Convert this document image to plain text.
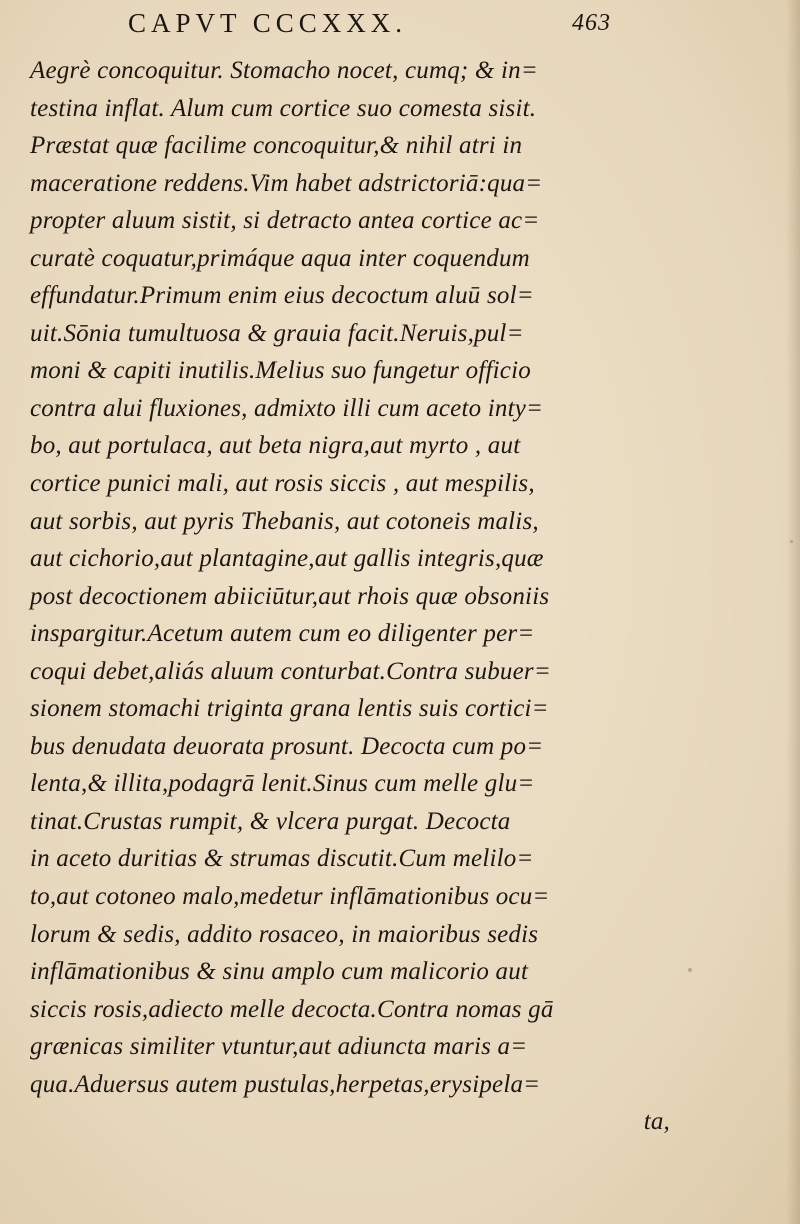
CAPVT CCCXXX.	463
Aegrè concoquitur. Stomacho nocet, cumq; & in=
testina inflat. Alum cum cortice suo comesta sisit.
Præstat quæ facilime concoquitur,& nihil atri in
maceratione reddens.Vim habet adstrictoriā:qua=
propter aluum sistit, si detracto antea cortice ac=
curatè coquatur,primáque aqua inter coquendum
effundatur.Primum enim eius decoctum aluū sol=
uit.Sōnia tumultuosa & grauia facit.Neruis,pul=
moni & capiti inutilis.Melius suo fungetur officio
contra alui fluxiones, admixto illi cum aceto inty=
bo, aut portulaca, aut beta nigra,aut myrto , aut
cortice punici mali, aut rosis siccis , aut mespilis,
aut sorbis, aut pyris Thebanis, aut cotoneis malis,
aut cichorio,aut plantagine,aut gallis integris,quæ
post decoctionem abiiciūtur,aut rhois quæ obsoniis
inspargitur.Acetum autem cum eo diligenter per=
coqui debet,aliás aluum conturbat.Contra subuer=
sionem stomachi triginta grana lentis suis cortici=
bus denudata deuorata prosunt. Decocta cum po=
lenta,& illita,podagrā lenit.Sinus cum melle glu=
tinat.Crustas rumpit, & vlcera purgat. Decocta
in aceto duritias & strumas discutit.Cum melilo=
to,aut cotoneo malo,medetur inflāmationibus ocu=
lorum & sedis, addito rosaceo, in maioribus sedis
inflāmationibus & sinu amplo cum malicorio aut
siccis rosis,adiecto melle decocta.Contra nomas gā
grænicas similiter vtuntur,aut adiuncta maris a=
qua.Aduersus autem pustulas,herpetas,erysipela=
ta,
